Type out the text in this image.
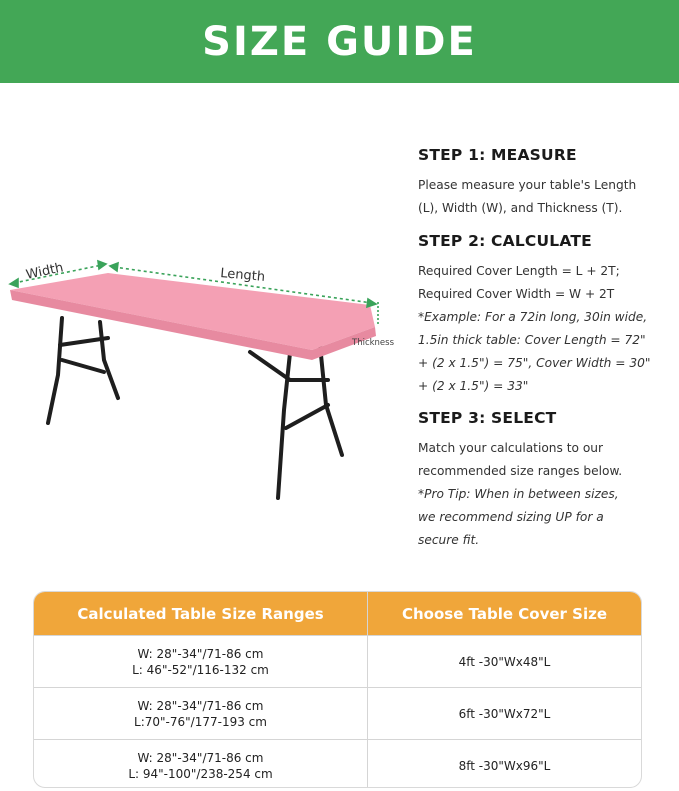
SIZE GUIDE
Width	Length
Thickness
STEP 1: MEASURE

Please measure your table's Length

(L), Width (W), and Thickness (T).

STEP 2: CALCULATE

Required Cover Length = L + 2T;

Required Cover Width = W + 2T

*Example: For a 72in long, 30in wide,

1.5in thick table: Cover Length = 72"

+ (2 x 1.5") = 75", Cover Width = 30"

+ (2 x 1.5") = 33"

STEP 3: SELECT

Match your calculations to our

recommended size ranges below.

*Pro Tip: When in between sizes,

we recommend sizing UP for a

secure fit.

Calculated Table Size Ranges	Choose Table Cover Size
W: 28"-34"/71-86 cm
L: 46"-52"/116-132 cm
4ft -30"Wx48"L
W: 28"-34"/71-86 cm
L:70"-76"/177-193 cm
6ft -30"Wx72"L
W: 28"-34"/71-86 cm
L: 94"-100"/238-254 cm
8ft -30"Wx96"L
